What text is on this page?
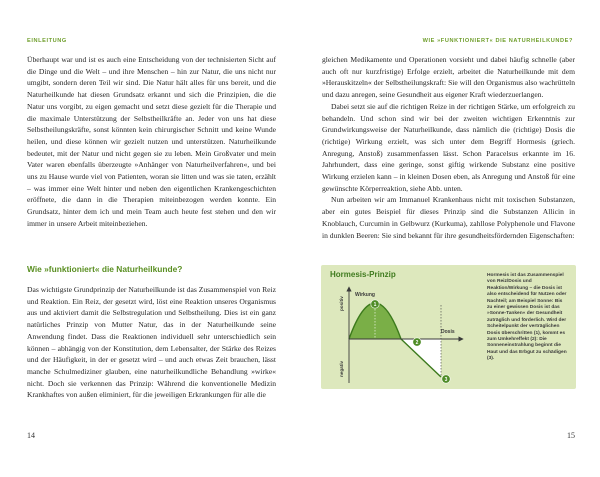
EINLEITUNG

Überhaupt war und ist es auch eine Entscheidung von der technisierten Sicht auf die Dinge und die Welt – und ihre Menschen – hin zur Natur, die uns nicht nur umgibt, sondern deren Teil wir sind. Die Natur hält alles für uns bereit, und die Naturheilkunde hat diesen Grundsatz erkannt und sich die Prinzipien, die die Natur uns vorgibt, zu eigen gemacht und setzt diese gezielt für die Therapie und die maximale Unterstützung der Selbstheilkräfte an. Jeder von uns hat diese Selbstheilungskräfte, sonst könnten kein chirurgischer Schnitt und keine Wunde heilen, und diese können wir gezielt nutzen und unterstützen. Naturheilkunde bedeutet, mit der Natur und nicht gegen sie zu leben. Mein Großvater und mein Vater waren ebenfalls überzeugte »Anhänger von Naturheilverfahren«, und bei uns zu Hause wurde viel von Patienten, woran sie litten und was sie taten, erzählt – was immer eine Welt hinter und neben den eigentlichen Krankengeschichten eröffnete, die dann in die Therapien miteinbezogen werden konnte. Ein Grundsatz, hinter dem ich und mein Team auch heute fest stehen und den wir immer in unsere Arbeit miteinbeziehen.

Wie »funktioniert« die Naturheilkunde?

Das wichtigste Grundprinzip der Naturheilkunde ist das Zusammenspiel von Reiz und Reaktion. Ein Reiz, der gesetzt wird, löst eine Reaktion unseres Organismus aus und aktiviert damit die Selbstregulation und Selbstheilung. Dies ist ein ganz natürliches Prinzip von Mutter Natur, das in der Naturheilkunde seine Anwendung findet. Dass die Reaktionen individuell sehr unterschiedlich sein können – abhängig von der Konstitution, dem Lebensalter, der Stärke des Reizes und der Häufigkeit, in der er gesetzt wird – und auch etwas Zeit brauchen, lässt manche Schulmediziner glauben, eine naturheilkundliche Behandlung »wirke« nicht. Doch sie verkennen das Prinzip: Während die konventionelle Medizin Krankhaftes von außen eliminiert, für die jeweiligen Erkrankungen für alle die

14
WIE »FUNKTIONIERT« DIE NATURHEILKUNDE?

gleichen Medikamente und Operationen vorsieht und dabei häufig schnelle (aber auch oft nur kurzfristige) Erfolge erzielt, arbeitet die Naturheilkunde mit dem »Herauskitzeln« der Selbstheilungskraft: Sie will den Organismus also wachrütteln und dazu anregen, seine Gesundheit aus eigener Kraft wiederzuerlangen.

Dabei setzt sie auf die richtigen Reize in der richtigen Stärke, um erfolgreich zu behandeln. Und schon sind wir bei der zweiten wichtigen Erkenntnis zur Grundwirkungsweise der Naturheilkunde, dass nämlich die (richtige) Dosis die (richtige) Wirkung erzielt, was sich unter dem Begriff Hormesis (griech. Anregung, Anstoß) zusammenfassen lässt. Schon Paracelsus erkannte im 16. Jahrhundert, dass eine geringe, sonst giftig wirkende Substanz eine positive Wirkung erzielen kann – in kleinen Dosen eben, als Anregung und Anstoß für eine gewünschte Körperreaktion, siehe Abb. unten.

Nun arbeiten wir am Immanuel Krankenhaus nicht mit toxischen Substanzen, aber ein gutes Beispiel für dieses Prinzip sind die Substanzen Allicin in Knoblauch, Curcumin in Gelbwurz (Kurkuma), zahllose Polyphenole und Flavone in dunklen Beeren: Sie sind bekannt für ihre gesundheitsfördernden Eigenschaften:

Wirkung
Dosis
positiv
negativ
1
2
3
Hormesis-Prinzip	Hormesis ist das Zusammenspiel von Reiz/Dosis und Reaktion/Wirkung – die Dosis ist also entscheidend für Nutzen oder Nachteil; am Beispiel Sonne: Bis zu einer gewissen Dosis ist das »Sonne-Tanken« der Gesundheit zuträglich und förderlich. Wird der Scheitelpunkt der verträglichen Dosis überschritten (1), kommt es zum Umkehreffekt (2): Die Sonneneinstrahlung beginnt die Haut und das Erbgut zu schädigen (3).
15
